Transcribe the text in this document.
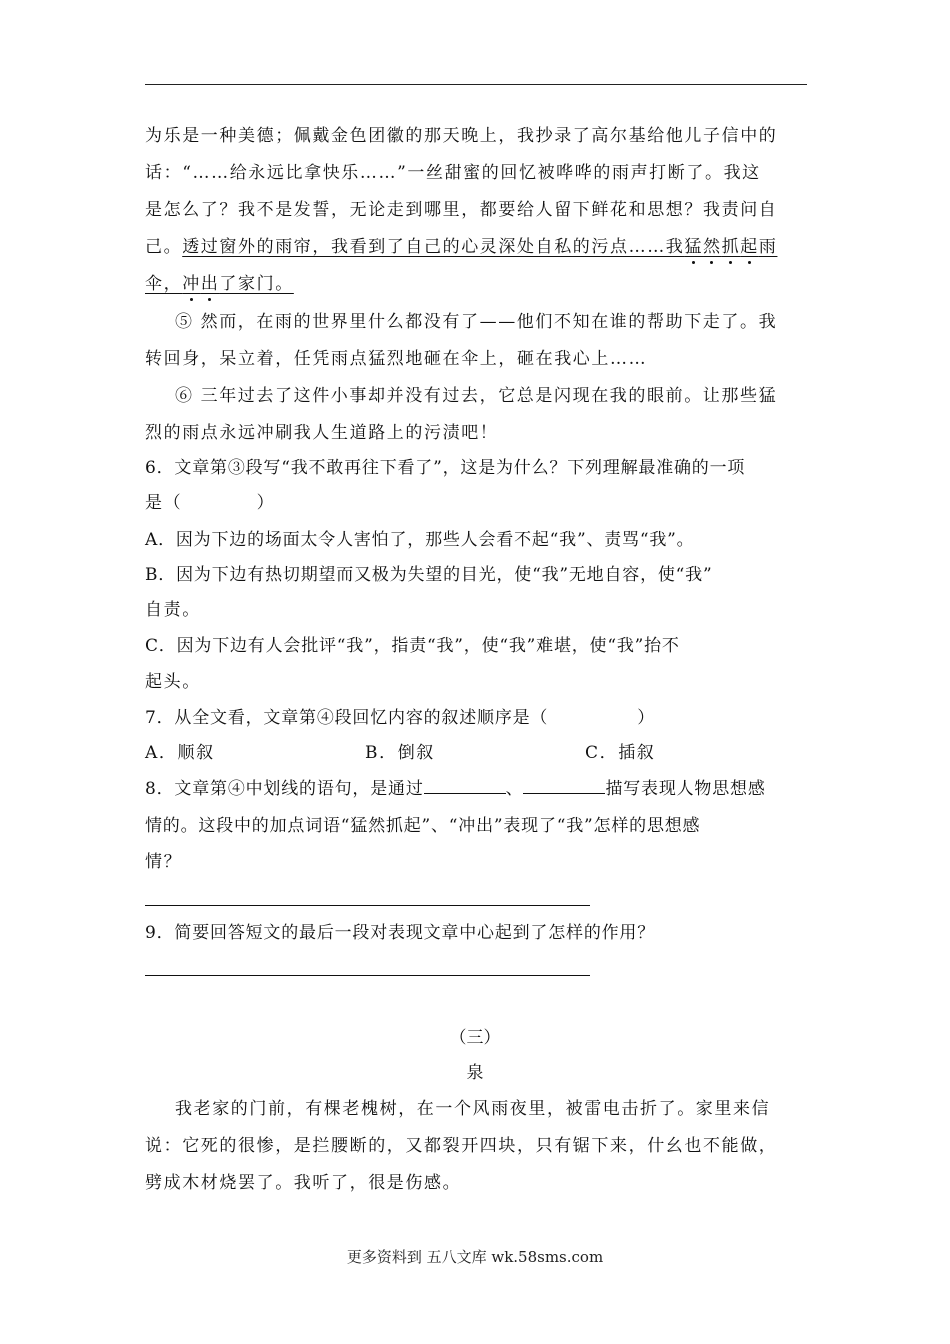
为乐是一种美德；佩戴金色团徽的那天晚上，我抄录了高尔基给他儿子信中的
话：“……给永远比拿快乐……”一丝甜蜜的回忆被哗哗的雨声打断了。我这
是怎么了？我不是发誓，无论走到哪里，都要给人留下鲜花和思想？我责问自
己。透过窗外的雨帘，我看到了自己的心灵深处自私的污点……我猛然抓起雨
伞，冲出了家门。
⑤ 然而，在雨的世界里什么都没有了——他们不知在谁的帮助下走了。我
转回身，呆立着，任凭雨点猛烈地砸在伞上，砸在我心上……
⑥ 三年过去了这件小事却并没有过去，它总是闪现在我的眼前。让那些猛
烈的雨点永远冲刷我人生道路上的污渍吧！
6．文章第③段写“我不敢再往下看了”，这是为什么？下列理解最准确的一项
是（　　　　）
A．因为下边的场面太令人害怕了，那些人会看不起“我”、责骂“我”。
B．因为下边有热切期望而又极为失望的目光，使“我”无地自容，使“我”
自责。
C．因为下边有人会批评“我”，指责“我”，使“我”难堪，使“我”抬不
起头。
7．从全文看，文章第④段回忆内容的叙述顺序是（　　　　　）
A．顺叙	B．倒叙	C．插叙
8．文章第④中划线的语句，是通过	、	描写表现人物思想感
情的。这段中的加点词语“猛然抓起”、“冲出”表现了“我”怎样的思想感
情？
9．简要回答短文的最后一段对表现文章中心起到了怎样的作用？
（三）
泉
我老家的门前，有棵老槐树，在一个风雨夜里，被雷电击折了。家里来信
说：它死的很惨，是拦腰断的，又都裂开四块，只有锯下来，什幺也不能做，
劈成木材烧罢了。我听了，很是伤感。
更多资料到 五八文库 wk.58sms.com
